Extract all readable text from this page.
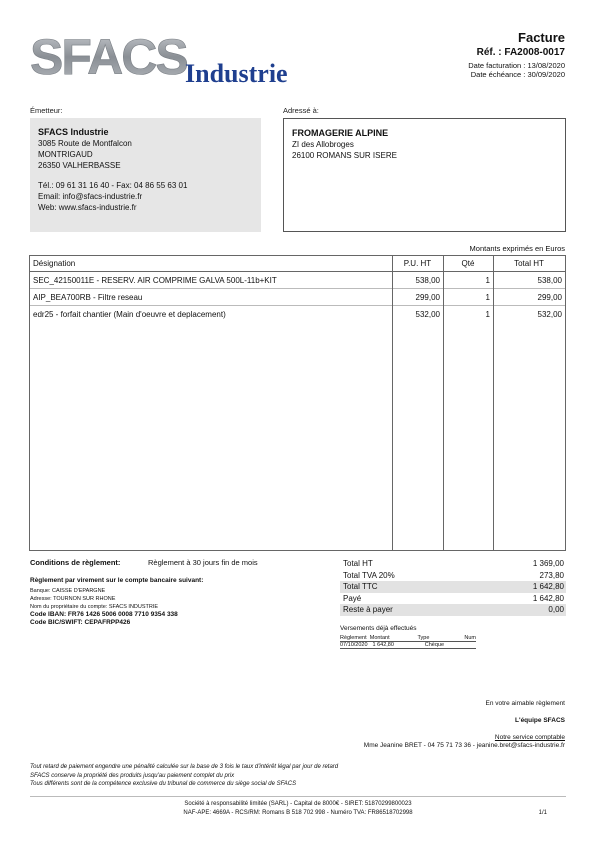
SFACS
Industrie
Facture
Réf. : FA2008-0017
Date facturation : 13/08/2020
Date échéance : 30/09/2020
Émetteur:
SFACS Industrie
3085 Route de Montfalcon
MONTRIGAUD
26350 VALHERBASSE
Tél.: 09 61 31 16 40 - Fax: 04 86 55 63 01
Email: info@sfacs-industrie.fr
Web: www.sfacs-industrie.fr
Adressé à:
FROMAGERIE ALPINE
ZI des Allobroges
26100 ROMANS SUR ISERE
Montants exprimés en Euros
Désignation	P.U. HT	Qté	Total HT
SEC_42150011E - RESERV. AIR COMPRIME GALVA 500L-11b+KIT	538,00	1	538,00
AIP_BEA700RB - Filtre reseau	299,00	1	299,00
edr25 - forfait chantier (Main d'oeuvre et deplacement)	532,00	1	532,00
Conditions de règlement:	Règlement à 30 jours fin de mois
Règlement par virement sur le compte bancaire suivant:
Banque: CAISSE D'EPARGNE
Adresse: TOURNON SUR RHONE
Nom du propriétaire du compte: SFACS INDUSTRIE
Code IBAN: FR76 1426 5006 0008 7710 9354 338
Code BIC/SWIFT: CEPAFRPP426
Total HT	1 369,00
Total TVA 20%	273,80
Total TTC	1 642,80
Payé	1 642,80
Reste à payer	0,00
Versements déjà effectués
Règlement Montant	Type	Num
07/10/2020 1 642,80	Chèque
En votre aimable règlement
L'équipe SFACS
Notre service comptable
Mme Jeanine BRET - 04 75 71 73 36 - jeanine.bret@sfacs-industrie.fr
Tout retard de paiement engendre une pénalité calculée sur la base de 3 fois le taux d'intérêt légal par jour de retard
SFACS conserve la propriété des produits jusqu'au paiement complet du prix
Tous différents sont de la compétence exclusive du tribunal de commerce du siège social de SFACS
Société à responsabilité limitée (SARL) - Capital de 8000€ - SIRET: 51870299800023
NAF-APE: 4669A - RCS/RM: Romans B 518 702 998 - Numéro TVA: FR86518702998	1/1
